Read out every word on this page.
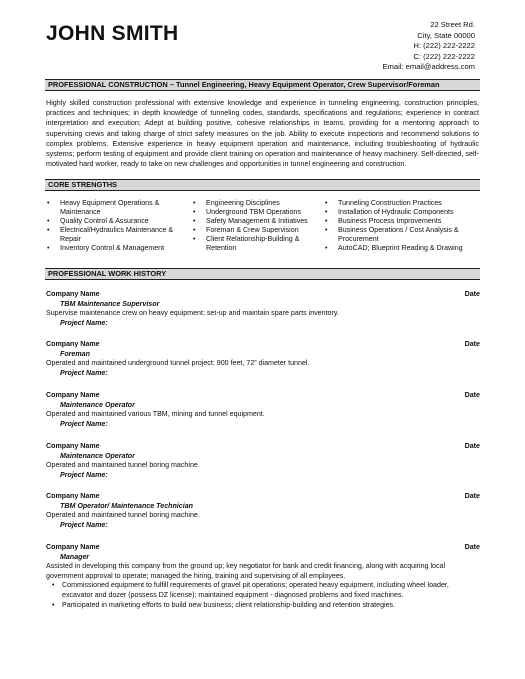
JOHN SMITH	22 Street Rd.
City, State 00000
H: (222) 222-2222
C: (222) 222-2222
Email: email@address.com
PROFESSIONAL CONSTRUCTION – Tunnel Engineering, Heavy Equipment Operator, Crew Supervisor/Foreman
Highly skilled construction professional with extensive knowledge and experience in tunneling engineering, construction principles, practices and techniques; in depth knowledge of tunneling codes, standards, specifications and regulations; experience in contract interpretation and execution; Adept at building positive, cohesive relationships in teams, providing for a mentoring approach to supervising crews and taking charge of strict safety measures on the job. Ability to execute inspections and recommend solutions to complex problems. Extensive experience in heavy equipment operation and maintenance, including troubleshooting of hydraulic systems; perform testing of equipment and provide client training on operation and maintenance of heavy machinery. Self-directed, self-motivated hard worker, ready to take on new challenges and opportunities in tunnel engineering and construction.
CORE STRENGTHS
• Heavy Equipment Operations & Maintenance
• Quality Control & Assurance
• Electrical/Hydraulics Maintenance & Repair
• Inventory Control & Management
• Engineering Disciplines
• Underground TBM Operations
• Safety Management & Initiatives
• Foreman & Crew Supervision
• Client Relationship-Building & Retention
• Tunneling Construction Practices
• Installation of Hydraulic Components
• Business Process Improvements
• Business Operations / Cost Analysis & Procurement
• AutoCAD; Blueprint Reading & Drawing
PROFESSIONAL WORK HISTORY
Company Name	Date
TBM Maintenance Supervisor
Supervise maintenance crew on heavy equipment; set-up and maintain spare parts inventory.
Project Name:
Company Name	Date
Foreman
Operated and maintained underground tunnel project: 900 feet, 72” diameter tunnel.
Project Name:
Company Name	Date
Maintenance Operator
Operated and maintained various TBM, mining and tunnel equipment.
Project Name:
Company Name	Date
Maintenance Operator
Operated and maintained tunnel boring machine.
Project Name:
Company Name	Date
TBM Operator/ Maintenance Technician
Operated and maintained tunnel boring machine.
Project Name:
Company Name	Date
Manager
Assisted in developing this company from the ground up; key negotiator for bank and credit financing, along with acquiring local government approval to operate; managed the hiring, training and supervising of all employees.
• Commissioned equipment to fulfill requirements of gravel pit operations; operated heavy equipment, including wheel loader, excavator and dozer (possess DZ license); maintained equipment - diagnosed problems and fixed machines.
• Participated in marketing efforts to build new business; client relationship-building and retention strategies.
